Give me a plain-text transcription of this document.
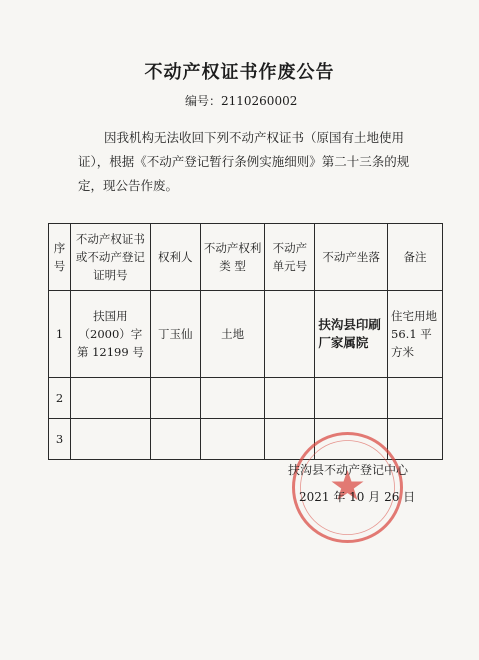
不动产权证书作废公告
编号：2110260002
因我机构无法收回下列不动产权证书（原国有土地使用证），根据《不动产登记暂行条例实施细则》第二十三条的规定，现公告作废。
序号	不动产权证书或不动产登记证明号	权利人	不动产权利类 型	不动产单元号	不动产坐落	备注
1	扶国用（2000）字第 12199 号	丁玉仙	土地		扶沟县印刷厂家属院	住宅用地 56.1 平方米
2						
3						
扶沟县不动产登记中心
2021 年 10 月 26 日
